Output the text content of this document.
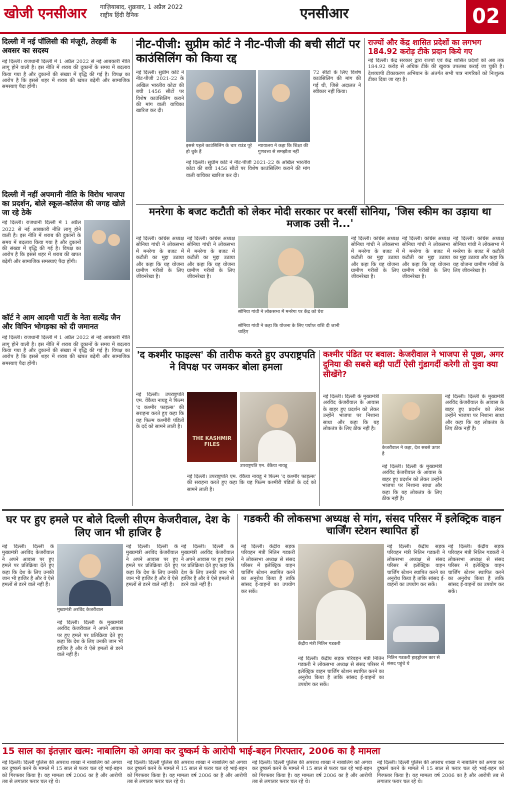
खोजी एनसीआर गाज़ियाबाद, शुक्रवार, 1 अप्रैल 2022
राष्ट्रीय हिंदी दैनिक	एनसीआर	02
दिल्ली में नई पॉलिसी की मंजूरी, तेरहवीं के अवसर का सदस्य
नई दिल्ली। राजधानी दिल्ली में 1 अप्रैल 2022 से नई आबकारी नीति लागू होने वाली है। इस नीति में शराब की दुकानों के समय में बदलाव किया गया है और दुकानों की संख्या में वृद्धि की गई है। विपक्ष का आरोप है कि इससे शहर में शराब की खपत बढ़ेगी और सामाजिक समस्याएं पैदा होंगी।
दिल्ली में नहीं अपमानी नीति के विरोध भाजपा का प्रदर्शन, बोले स्कूल-कॉलेज की जगह खोले जा रहे ठेके
नई दिल्ली। राजधानी दिल्ली में 1 अप्रैल 2022 से नई आबकारी नीति लागू होने वाली है। इस नीति में शराब की दुकानों के समय में बदलाव किया गया है और दुकानों की संख्या में वृद्धि की गई है। विपक्ष का आरोप है कि इससे शहर में शराब की खपत बढ़ेगी और सामाजिक समस्याएं पैदा होंगी।
कॉर्ट ने आम आदमी पार्टी के नेता सत्येंद्र जैन और विपिन भोगड़का को दी जमानत
नई दिल्ली। राजधानी दिल्ली में 1 अप्रैल 2022 से नई आबकारी नीति लागू होने वाली है। इस नीति में शराब की दुकानों के समय में बदलाव किया गया है और दुकानों की संख्या में वृद्धि की गई है। विपक्ष का आरोप है कि इससे शहर में शराब की खपत बढ़ेगी और सामाजिक समस्याएं पैदा होंगी।
नीट-पीजी: सुप्रीम कोर्ट ने नीट-पीजी की बची सीटों पर काउंसिलिंग को किया रद्द
नई दिल्ली। सुप्रीम कोर्ट ने नीट-पीजी 2021-22 के अखिल भारतीय कोटा की बची 1456 सीटों पर विशेष काउंसिलिंग कराने की मांग वाली याचिका खारिज कर दी।
इससे पहले काउंसिलिंग के चार राउंड पूरे हो चुके हैं
न्यायालय ने कहा कि शिक्षा की गुणवत्ता से समझौता नहीं
नई दिल्ली। सुप्रीम कोर्ट ने नीट-पीजी 2021-22 के अखिल भारतीय कोटा की बची 1456 सीटों पर विशेष काउंसिलिंग कराने की मांग वाली याचिका खारिज कर दी।
72 सीटों के लिए विशेष काउंसिलिंग की मांग की गई थी, जिसे अदालत ने स्वीकार नहीं किया।
राज्यों और केंद्र शासित प्रदेशों का लगभग 184.92 करोड़ टीके प्रदान किये गए
नई दिल्ली। केंद्र सरकार द्वारा राज्यों एवं केंद्र शासित प्रदेशों को अब तक 184.92 करोड़ से अधिक टीके की खुराक उपलब्ध कराई जा चुकी है। देशव्यापी टीकाकरण अभियान के अंतर्गत सभी पात्र नागरिकों को निःशुल्क टीका दिया जा रहा है।
मनरेगा के बजट कटौती को लेकर मोदी सरकार पर बरसीं सोनिया, 'जिस स्कीम का उड़ाया था मजाक उसी ने...'
नई दिल्ली। कांग्रेस अध्यक्ष सोनिया गांधी ने लोकसभा में मनरेगा के बजट में कटौती का मुद्दा उठाया और कहा कि यह योजना ग्रामीण गरीबों के लिए जीवनरेखा है।
नई दिल्ली। कांग्रेस अध्यक्ष सोनिया गांधी ने लोकसभा में मनरेगा के बजट में कटौती का मुद्दा उठाया और कहा कि यह योजना ग्रामीण गरीबों के लिए जीवनरेखा है।
सोनिया गांधी ने लोकसभा में मनरेगा पर केंद्र को घेरा
सोनिया गांधी ने कहा कि योजना के लिए पर्याप्त राशि दी जानी चाहिए
नई दिल्ली। कांग्रेस अध्यक्ष सोनिया गांधी ने लोकसभा में मनरेगा के बजट में कटौती का मुद्दा उठाया और कहा कि यह योजना ग्रामीण गरीबों के लिए जीवनरेखा है।
नई दिल्ली। कांग्रेस अध्यक्ष सोनिया गांधी ने लोकसभा में मनरेगा के बजट में कटौती का मुद्दा उठाया और कहा कि यह योजना ग्रामीण गरीबों के लिए जीवनरेखा है।
नई दिल्ली। कांग्रेस अध्यक्ष सोनिया गांधी ने लोकसभा में मनरेगा के बजट में कटौती का मुद्दा उठाया और कहा कि यह योजना ग्रामीण गरीबों के लिए जीवनरेखा है।
'द कश्मीर फाइल्स' की तारीफ करते हुए उपराष्ट्रपति ने विपक्ष पर जमकर बोला हमला
नई दिल्ली। उपराष्ट्रपति एम. वेंकैया नायडू ने फिल्म 'द कश्मीर फाइल्स' की सराहना करते हुए कहा कि यह फिल्म कश्मीरी पंडितों के दर्द को सामने लाती है।
THE KASHMIR FILES
उपराष्ट्रपति एम. वेंकैया नायडू
नई दिल्ली। उपराष्ट्रपति एम. वेंकैया नायडू ने फिल्म 'द कश्मीर फाइल्स' की सराहना करते हुए कहा कि यह फिल्म कश्मीरी पंडितों के दर्द को सामने लाती है।
कश्मीर पंडित पर बवाल: केजरीवाल ने भाजपा से पूछा, अगर दुनिया की सबसे बड़ी पार्टी ऐसी गुंडागर्दी करेगी तो युवा क्या सीखेंगे?
नई दिल्ली। दिल्ली के मुख्यमंत्री अरविंद केजरीवाल के आवास के बाहर हुए प्रदर्शन को लेकर उन्होंने भाजपा पर निशाना साधा और कहा कि यह लोकतंत्र के लिए ठीक नहीं है।
केजरीवाल ने कहा, देश सबसे ऊपर है
नई दिल्ली। दिल्ली के मुख्यमंत्री अरविंद केजरीवाल के आवास के बाहर हुए प्रदर्शन को लेकर उन्होंने भाजपा पर निशाना साधा और कहा कि यह लोकतंत्र के लिए ठीक नहीं है।
नई दिल्ली। दिल्ली के मुख्यमंत्री अरविंद केजरीवाल के आवास के बाहर हुए प्रदर्शन को लेकर उन्होंने भाजपा पर निशाना साधा और कहा कि यह लोकतंत्र के लिए ठीक नहीं है।
घर पर हुए हमले पर बोले दिल्ली सीएम केजरीवाल, देश के लिए जान भी हाजिर है
नई दिल्ली। दिल्ली के मुख्यमंत्री अरविंद केजरीवाल ने अपने आवास पर हुए हमले पर प्रतिक्रिया देते हुए कहा कि देश के लिए उनकी जान भी हाजिर है और वे ऐसे हमलों से डरने वाले नहीं हैं।
मुख्यमंत्री अरविंद केजरीवाल
नई दिल्ली। दिल्ली के मुख्यमंत्री अरविंद केजरीवाल ने अपने आवास पर हुए हमले पर प्रतिक्रिया देते हुए कहा कि देश के लिए उनकी जान भी हाजिर है और वे ऐसे हमलों से डरने वाले नहीं हैं।
नई दिल्ली। दिल्ली के मुख्यमंत्री अरविंद केजरीवाल ने अपने आवास पर हुए हमले पर प्रतिक्रिया देते हुए कहा कि देश के लिए उनकी जान भी हाजिर है और वे ऐसे हमलों से डरने वाले नहीं हैं।
नई दिल्ली। दिल्ली के मुख्यमंत्री अरविंद केजरीवाल ने अपने आवास पर हुए हमले पर प्रतिक्रिया देते हुए कहा कि देश के लिए उनकी जान भी हाजिर है और वे ऐसे हमलों से डरने वाले नहीं हैं।
गडकरी की लोकसभा अध्यक्ष से मांग, संसद परिसर में इलेक्ट्रिक वाहन चार्जिंग स्टेशन स्थापित हों
नई दिल्ली। केंद्रीय सड़क परिवहन मंत्री नितिन गडकरी ने लोकसभा अध्यक्ष से संसद परिसर में इलेक्ट्रिक वाहन चार्जिंग स्टेशन स्थापित करने का अनुरोध किया है ताकि सांसद ई-वाहनों का उपयोग कर सकें।
केंद्रीय मंत्री नितिन गडकरी
नितिन गडकरी हाइड्रोजन कार से संसद पहुंचे थे
नई दिल्ली। केंद्रीय सड़क परिवहन मंत्री नितिन गडकरी ने लोकसभा अध्यक्ष से संसद परिसर में इलेक्ट्रिक वाहन चार्जिंग स्टेशन स्थापित करने का अनुरोध किया है ताकि सांसद ई-वाहनों का उपयोग कर सकें।
नई दिल्ली। केंद्रीय सड़क परिवहन मंत्री नितिन गडकरी ने लोकसभा अध्यक्ष से संसद परिसर में इलेक्ट्रिक वाहन चार्जिंग स्टेशन स्थापित करने का अनुरोध किया है ताकि सांसद ई-वाहनों का उपयोग कर सकें।
नई दिल्ली। केंद्रीय सड़क परिवहन मंत्री नितिन गडकरी ने लोकसभा अध्यक्ष से संसद परिसर में इलेक्ट्रिक वाहन चार्जिंग स्टेशन स्थापित करने का अनुरोध किया है ताकि सांसद ई-वाहनों का उपयोग कर सकें।
15 साल का इंतज़ार खत्म: नाबालिग को अगवा कर दुष्कर्म के आरोपी भाई-बहन गिरफ्तार, 2006 का है मामला
नई दिल्ली। दिल्ली पुलिस की अपराध शाखा ने नाबालिग को अगवा कर दुष्कर्म करने के मामले में 15 साल से फरार चल रहे भाई-बहन को गिरफ्तार किया है। यह मामला वर्ष 2006 का है और आरोपी तब से लगातार फरार चल रहे थे।
नई दिल्ली। दिल्ली पुलिस की अपराध शाखा ने नाबालिग को अगवा कर दुष्कर्म करने के मामले में 15 साल से फरार चल रहे भाई-बहन को गिरफ्तार किया है। यह मामला वर्ष 2006 का है और आरोपी तब से लगातार फरार चल रहे थे।
नई दिल्ली। दिल्ली पुलिस की अपराध शाखा ने नाबालिग को अगवा कर दुष्कर्म करने के मामले में 15 साल से फरार चल रहे भाई-बहन को गिरफ्तार किया है। यह मामला वर्ष 2006 का है और आरोपी तब से लगातार फरार चल रहे थे।
नई दिल्ली। दिल्ली पुलिस की अपराध शाखा ने नाबालिग को अगवा कर दुष्कर्म करने के मामले में 15 साल से फरार चल रहे भाई-बहन को गिरफ्तार किया है। यह मामला वर्ष 2006 का है और आरोपी तब से लगातार फरार चल रहे थे।
